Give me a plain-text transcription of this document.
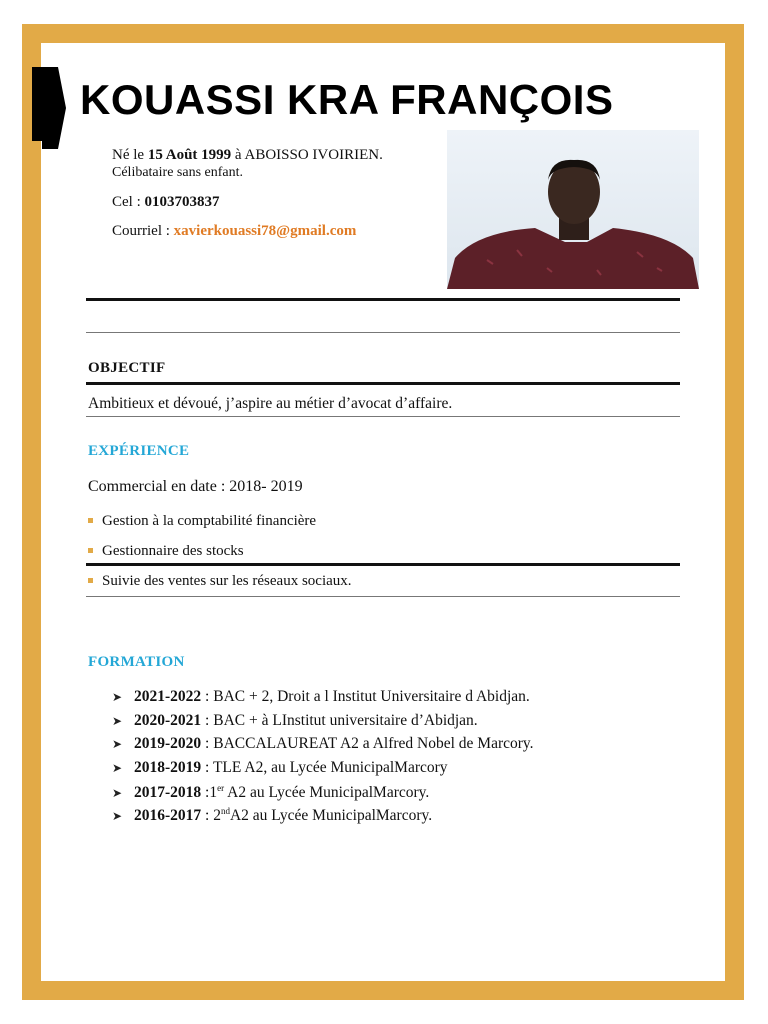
KOUASSI KRA FRANÇOIS
Né le 15 Août 1999 à ABOISSO IVOIRIEN.
Célibataire sans enfant.
Cel : 0103703837
Courriel : xavierkouassi78@gmail.com
OBJECTIF
Ambitieux et dévoué, j’aspire au métier d’avocat d’affaire.
EXPÉRIENCE
Commercial en date : 2018- 2019
Gestion à la comptabilité financière
Gestionnaire des stocks
Suivie des ventes sur les réseaux sociaux.
FORMATION
➤ 2021-2022 : BAC + 2, Droit a l Institut Universitaire d Abidjan.
➤ 2020-2021 : BAC + à LInstitut universitaire d’Abidjan.
➤ 2019-2020 : BACCALAUREAT A2 a Alfred Nobel de Marcory.
➤ 2018-2019 : TLE A2, au Lycée MunicipalMarcory
➤ 2017-2018 :1er A2 au Lycée MunicipalMarcory.
➤ 2016-2017 : 2ndA2 au Lycée MunicipalMarcory.
